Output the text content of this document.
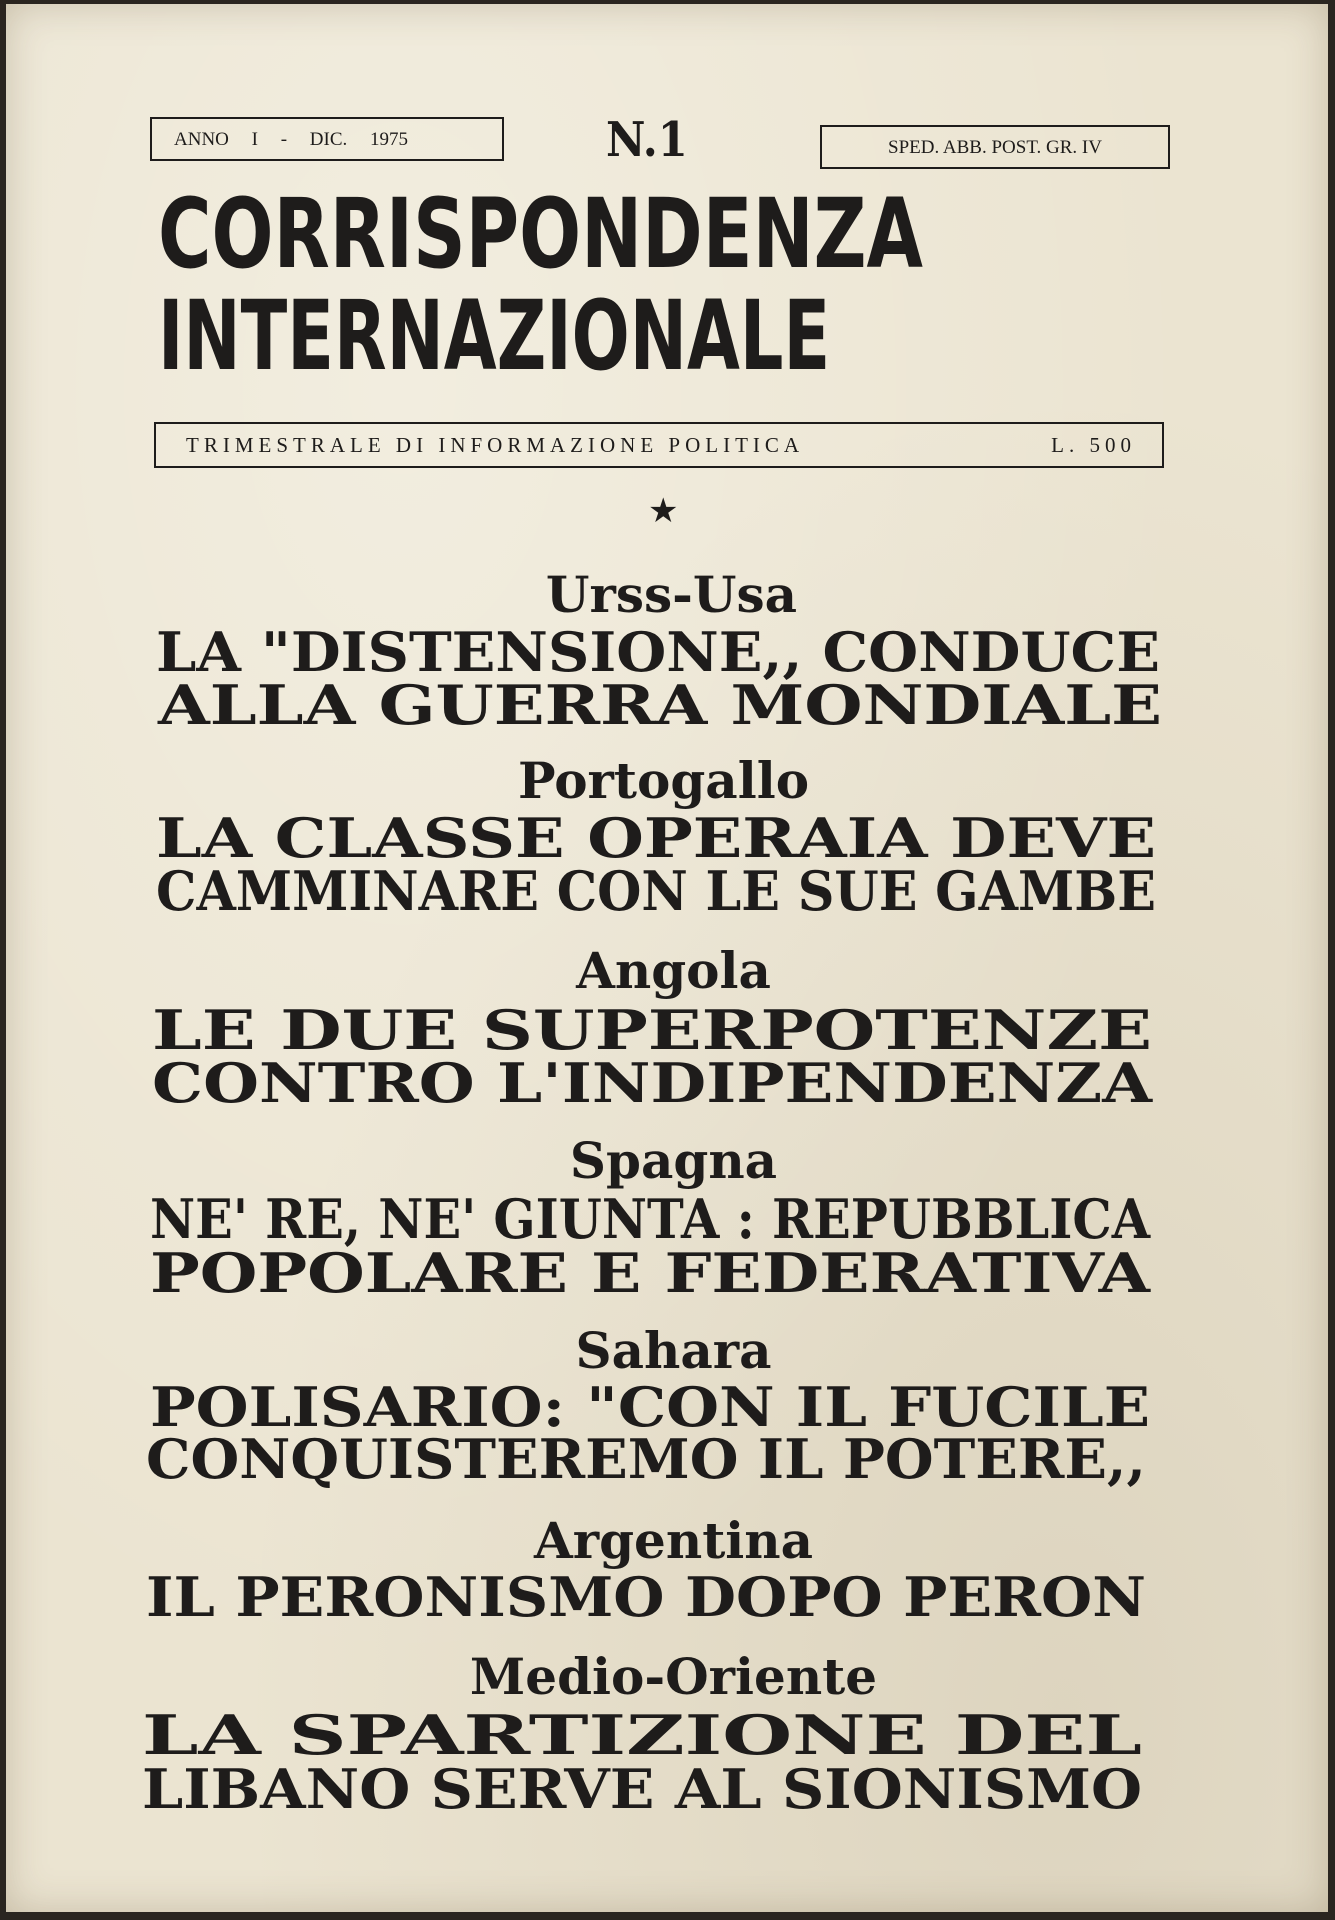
ANNO I - DIC. 1975	N.1	SPED. ABB. POST. GR. IV
CORRISPONDENZA
INTERNAZIONALE
TRIMESTRALE DI INFORMAZIONE POLITICA	L. 500
★
Urss-Usa
LA "DISTENSIONE,, CONDUCE
ALLA GUERRA MONDIALE
Portogallo
LA CLASSE OPERAIA DEVE
CAMMINARE CON LE SUE GAMBE
Angola
LE DUE SUPERPOTENZE
CONTRO L'INDIPENDENZA
Spagna
NE' RE, NE' GIUNTA : REPUBBLICA
POPOLARE E FEDERATIVA
Sahara
POLISARIO: "CON IL FUCILE
CONQUISTEREMO IL POTERE,,
Argentina
IL PERONISMO DOPO PERON
Medio-Oriente
LA SPARTIZIONE DEL
LIBANO SERVE AL SIONISMO
